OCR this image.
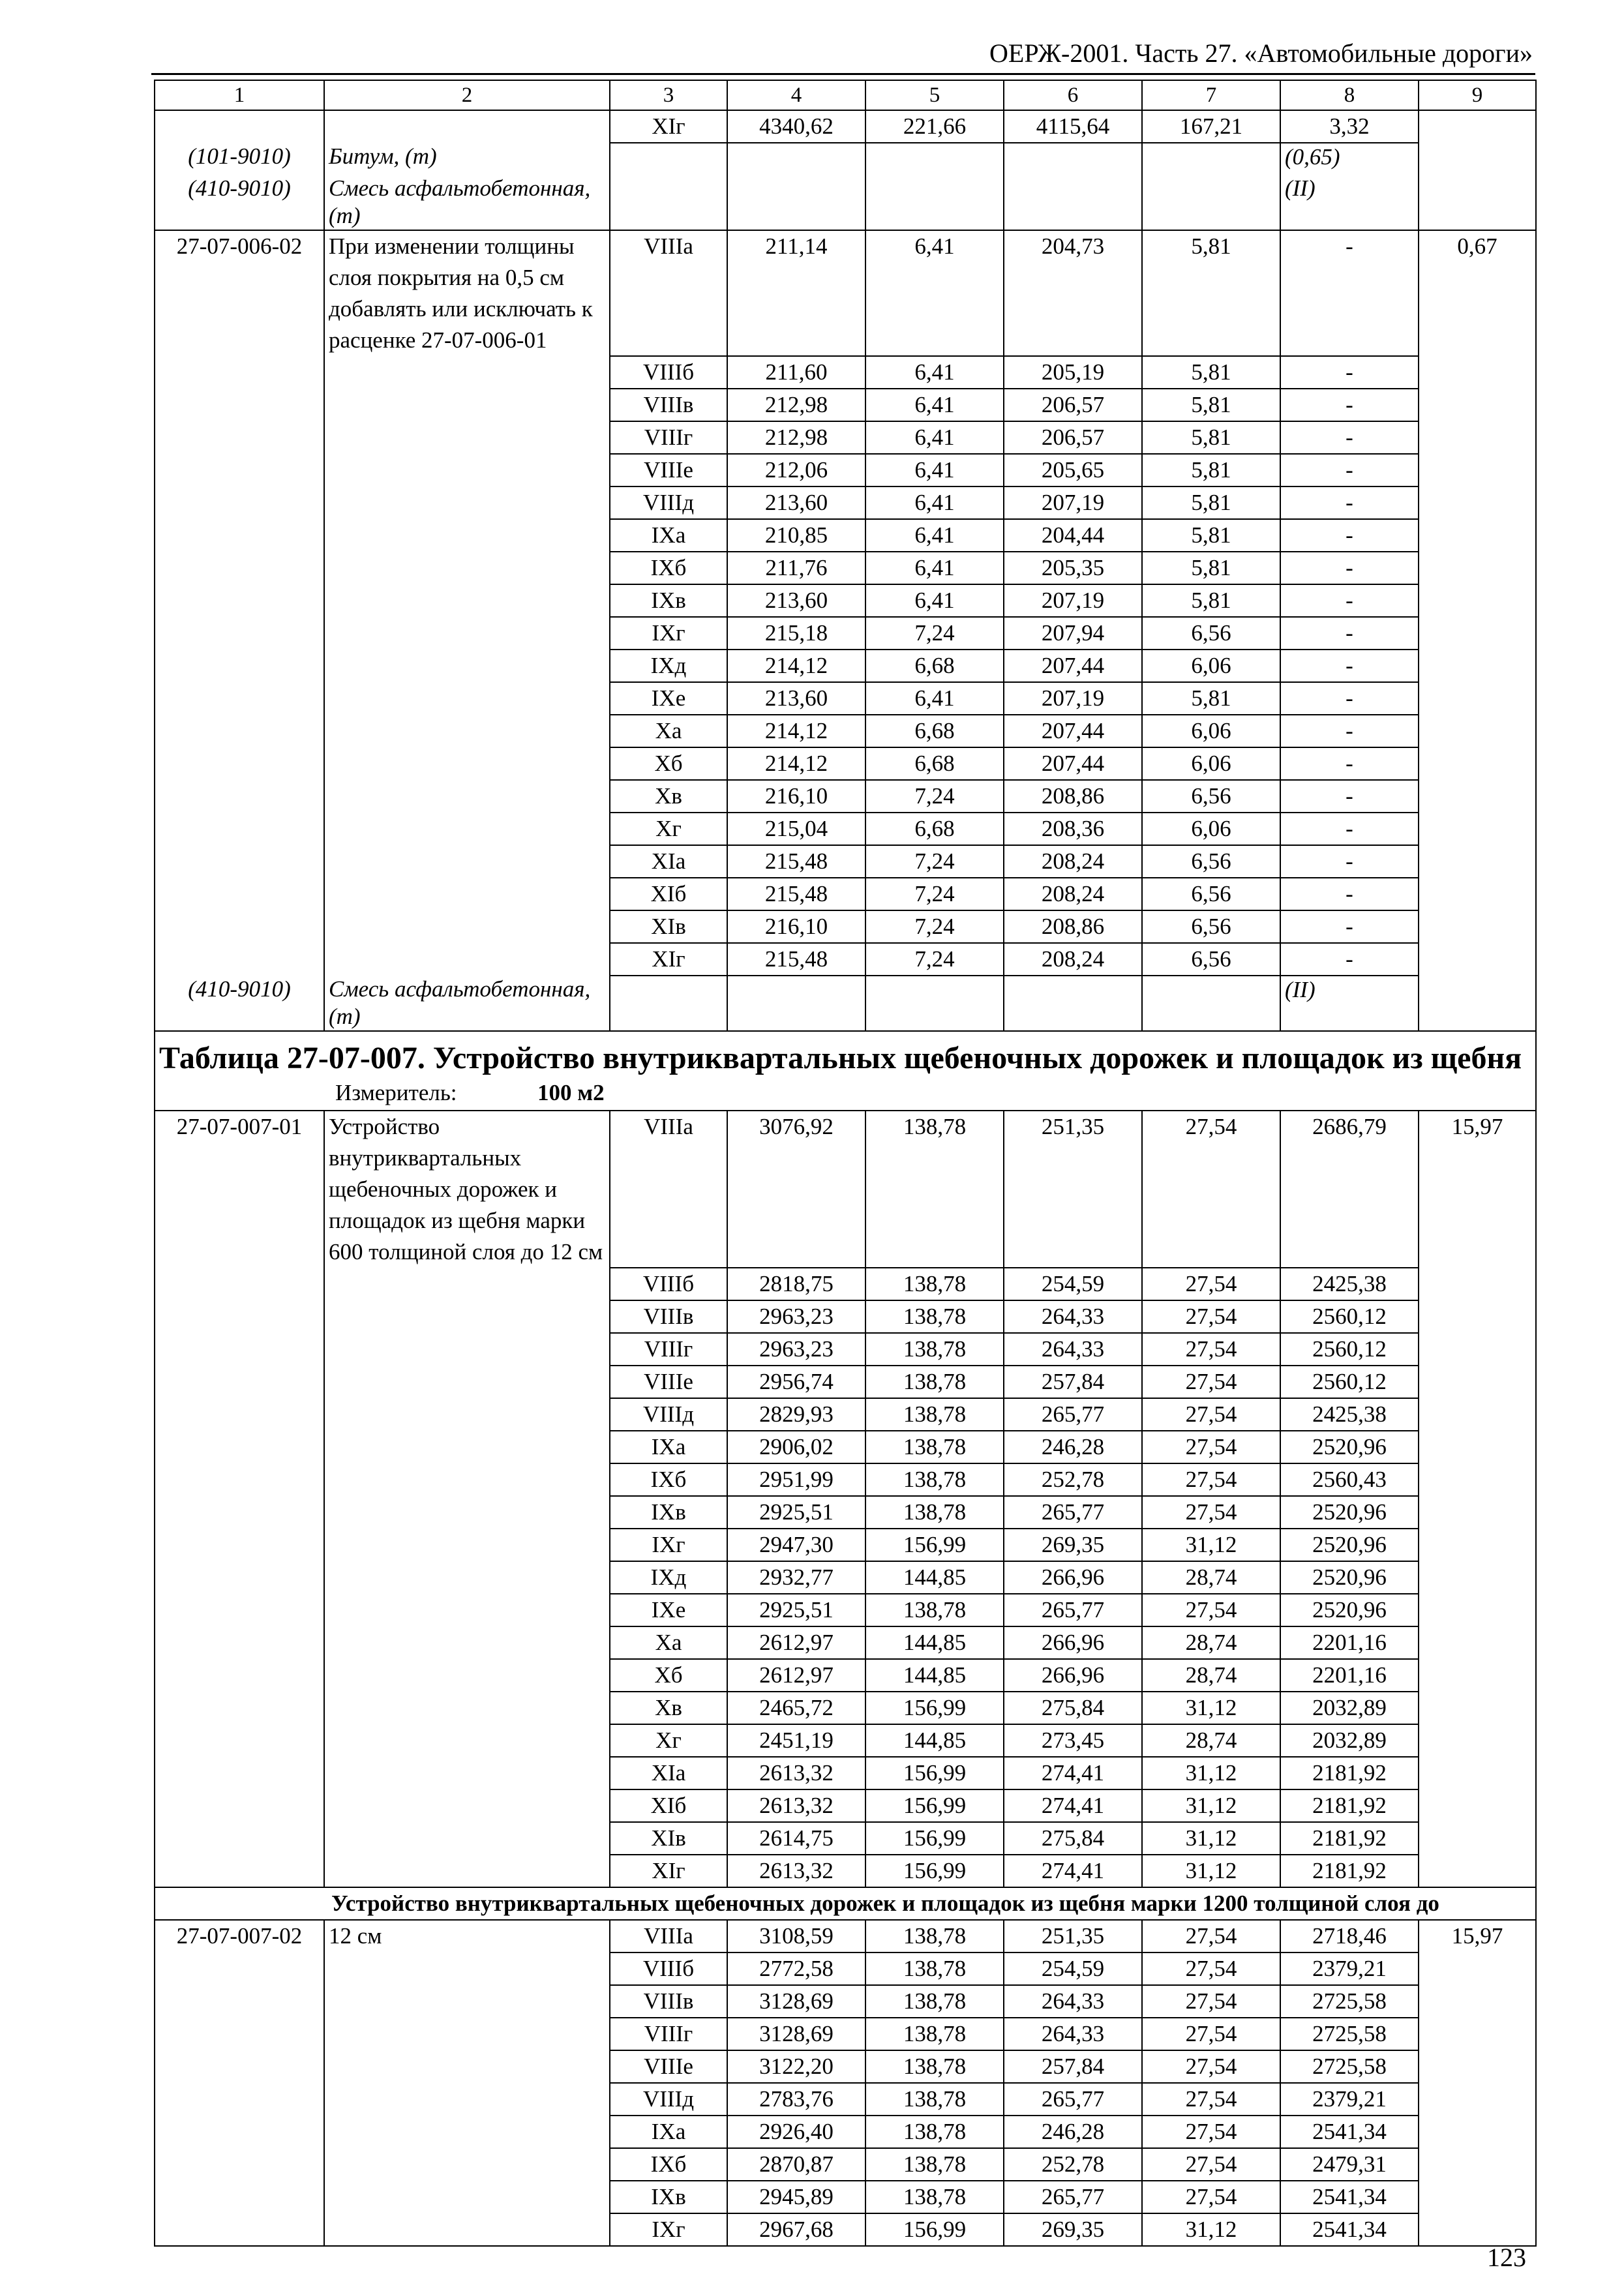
ОЕРЖ-2001. Часть 27. «Автомобильные дороги»
1	2	3	4	5	6	7	8	9
		XIг	4340,62	221,66	4115,64	167,21	3,32	
(101-9010)	Битум, (т)						(0,65)	
(410-9010)	Смесь асфальтобетонная, (т)						(II)	
27-07-006-02	При изменении толщины слоя покрытия на 0,5 см добавлять или исключать к расценке 27-07-006-01	VIIIа	211,14	6,41	204,73	5,81	-	0,67
		VIIIб	211,60	6,41	205,19	5,81	-	
		VIIIв	212,98	6,41	206,57	5,81	-	
		VIIIг	212,98	6,41	206,57	5,81	-	
		VIIIе	212,06	6,41	205,65	5,81	-	
		VIIIд	213,60	6,41	207,19	5,81	-	
		IXа	210,85	6,41	204,44	5,81	-	
		IXб	211,76	6,41	205,35	5,81	-	
		IXв	213,60	6,41	207,19	5,81	-	
		IXг	215,18	7,24	207,94	6,56	-	
		IXд	214,12	6,68	207,44	6,06	-	
		IXе	213,60	6,41	207,19	5,81	-	
		Xа	214,12	6,68	207,44	6,06	-	
		Xб	214,12	6,68	207,44	6,06	-	
		Xв	216,10	7,24	208,86	6,56	-	
		Xг	215,04	6,68	208,36	6,06	-	
		XIа	215,48	7,24	208,24	6,56	-	
		XIб	215,48	7,24	208,24	6,56	-	
		XIв	216,10	7,24	208,86	6,56	-	
		XIг	215,48	7,24	208,24	6,56	-	
(410-9010)	Смесь асфальтобетонная, (т)						(II)	

Таблица 27-07-007. Устройство внутриквартальных щебеночных дорожек и площадок из щебня
Измеритель: 100 м2								

27-07-007-01	Устройство внутриквартальных щебеночных дорожек и площадок из щебня марки 600 толщиной слоя до 12 см	VIIIа	3076,92	138,78	251,35	27,54	2686,79	15,97
		VIIIб	2818,75	138,78	254,59	27,54	2425,38	
		VIIIв	2963,23	138,78	264,33	27,54	2560,12	
		VIIIг	2963,23	138,78	264,33	27,54	2560,12	
		VIIIе	2956,74	138,78	257,84	27,54	2560,12	
		VIIIд	2829,93	138,78	265,77	27,54	2425,38	
		IXа	2906,02	138,78	246,28	27,54	2520,96	
		IXб	2951,99	138,78	252,78	27,54	2560,43	
		IXв	2925,51	138,78	265,77	27,54	2520,96	
		IXг	2947,30	156,99	269,35	31,12	2520,96	
		IXд	2932,77	144,85	266,96	28,74	2520,96	
		IXе	2925,51	138,78	265,77	27,54	2520,96	
		Xа	2612,97	144,85	266,96	28,74	2201,16	
		Xб	2612,97	144,85	266,96	28,74	2201,16	
		Xв	2465,72	156,99	275,84	31,12	2032,89	
		Xг	2451,19	144,85	273,45	28,74	2032,89	
		XIа	2613,32	156,99	274,41	31,12	2181,92	
		XIб	2613,32	156,99	274,41	31,12	2181,92	
		XIв	2614,75	156,99	275,84	31,12	2181,92	
		XIг	2613,32	156,99	274,41	31,12	2181,92	
Устройство внутриквартальных щебеночных дорожек и площадок из щебня марки 1200 толщиной слоя до								
27-07-007-02	12 см	VIIIа	3108,59	138,78	251,35	27,54	2718,46	15,97
		VIIIб	2772,58	138,78	254,59	27,54	2379,21	
		VIIIв	3128,69	138,78	264,33	27,54	2725,58	
		VIIIг	3128,69	138,78	264,33	27,54	2725,58	
		VIIIе	3122,20	138,78	257,84	27,54	2725,58	
		VIIIд	2783,76	138,78	265,77	27,54	2379,21	
		IXа	2926,40	138,78	246,28	27,54	2541,34	
		IXб	2870,87	138,78	252,78	27,54	2479,31	
		IXв	2945,89	138,78	265,77	27,54	2541,34	
		IXг	2967,68	156,99	269,35	31,12	2541,34	
123
